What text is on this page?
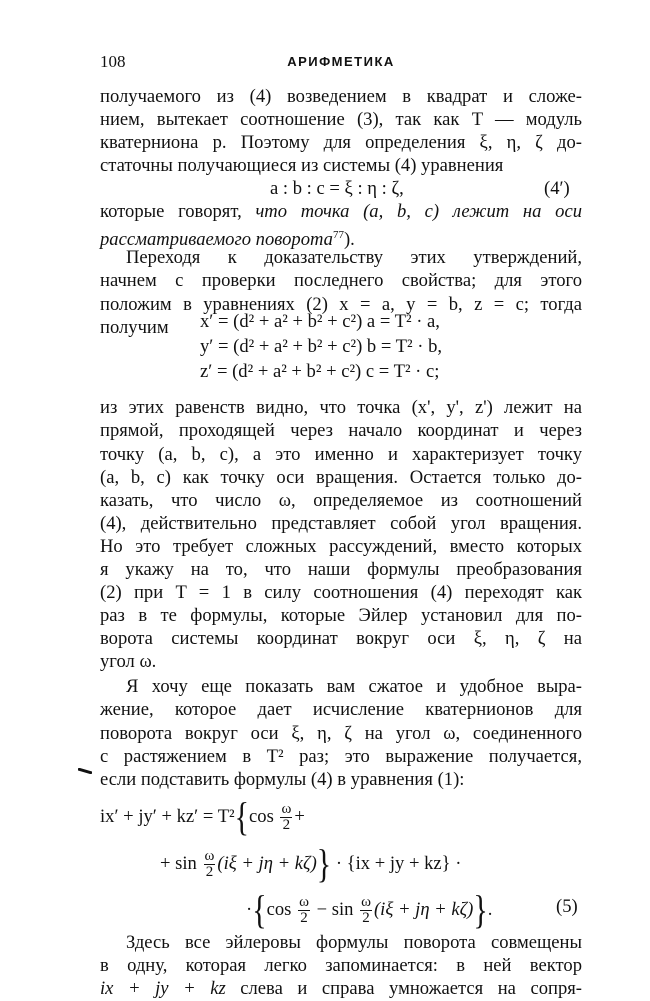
108	АРИФМЕТИКА
получаемого из (4) возведением в квадрат и сложе-
нием, вытекает соотношение (3), так как T — модуль
кватерниона p. Поэтому для определения ξ, η, ζ до-
статочны получающиеся из системы (4) уравнения
a : b : c = ξ : η : ζ,	(4′)
которые говорят, что точка (a, b, c) лежит на оси
рассматриваемого поворота$^{77}$).
Переходя к доказательству этих утверждений,
начнем с проверки последнего свойства; для этого
положим в уравнениях (2) x = a, y = b, z = c; тогда
получим	x′ = (d² + a² + b² + c²) a = T² · a,
y′ = (d² + a² + b² + c²) b = T² · b,
z′ = (d² + a² + b² + c²) c = T² · c;
из этих равенств видно, что точка (x', y', z') лежит на
прямой, проходящей через начало координат и через
точку (a, b, c), а это именно и характеризует точку
(a, b, c) как точку оси вращения. Остается только до-
казать, что число ω, определяемое из соотношений
(4), действительно представляет собой угол вращения.
Но это требует сложных рассуждений, вместо которых
я укажу на то, что наши формулы преобразования
(2) при T = 1 в силу соотношения (4) переходят как
раз в те формулы, которые Эйлер установил для по-
ворота системы координат вокруг оси ξ, η, ζ на
угол ω.
Я хочу еще показать вам сжатое и удобное выра-
жение, которое дает исчисление кватернионов для
поворота вокруг оси ξ, η, ζ на угол ω, соединенного
с растяжением в T² раз; это выражение получается,
если подставить формулы (4) в уравнения (1):
$ix' + jy' + kz' = T^2\{\cos \frac{\omega}{2}$ +
+ $\sin \frac{\omega}{2} (i\xi + j\eta + k\zeta)\} \cdot \{ix$ + jy + kz} ·
$\cdot\{\cos \frac{\omega}{2} - \sin \frac{\omega}{2} (i\xi + j\eta + k\zeta)\}$.	(5)
Здесь все эйлеровы формулы поворота совмещены
в одну, которая легко запоминается: в ней вектор
ix + jy + kz слева и справа умножается на сопря-
